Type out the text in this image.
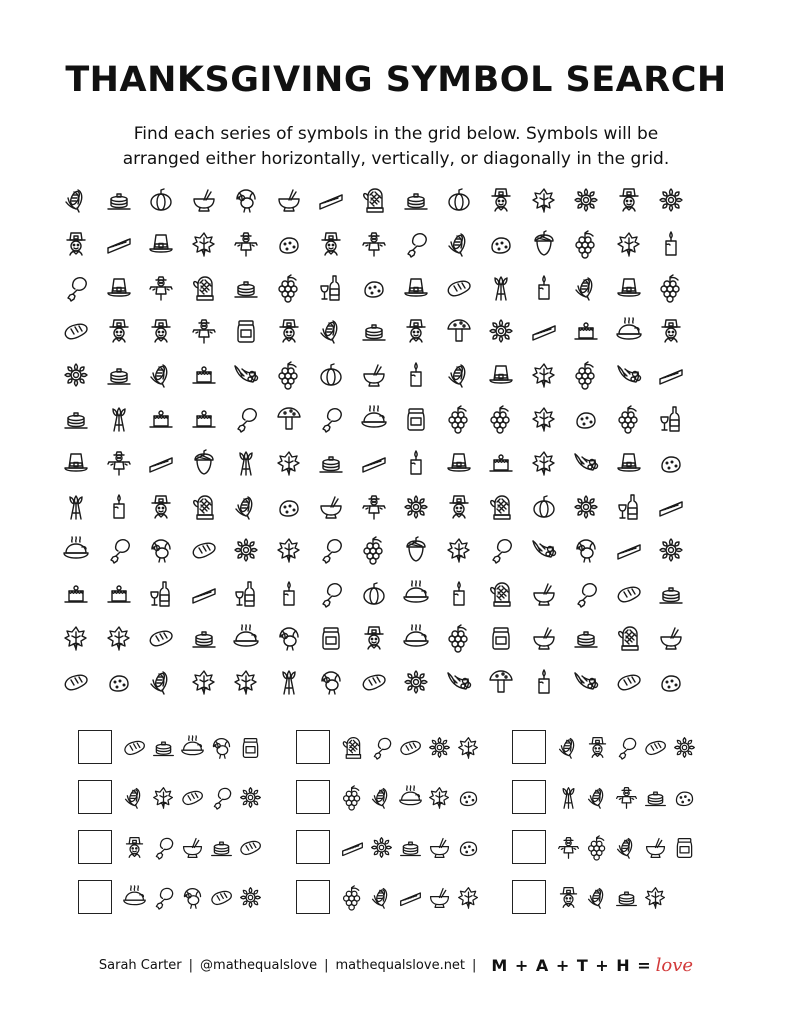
THANKSGIVING SYMBOL SEARCH
Find each series of symbols in the grid below. Symbols will be
arranged either horizontally, vertically, or diagonally in the grid.
Sarah Carter | @mathequalslove | mathequalslove.net | M + A + T + H = love
